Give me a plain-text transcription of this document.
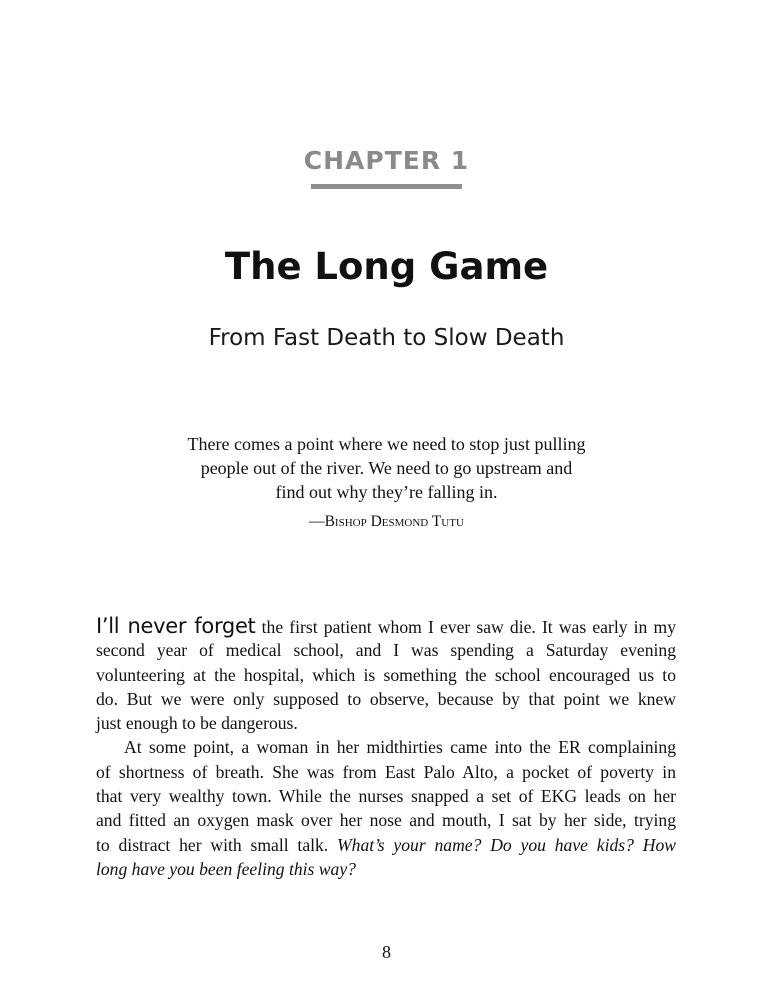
CHAPTER 1
The Long Game
From Fast Death to Slow Death
There comes a point where we need to stop just pulling
people out of the river. We need to go upstream and
find out why they’re falling in.
—Bishop Desmond Tutu
I’ll never forget the first patient whom I ever saw die. It was early in my
second year of medical school, and I was spending a Saturday evening
volunteering at the hospital, which is something the school encouraged us to
do. But we were only supposed to observe, because by that point we knew
just enough to be dangerous.
At some point, a woman in her midthirties came into the ER complaining
of shortness of breath. She was from East Palo Alto, a pocket of poverty in
that very wealthy town. While the nurses snapped a set of EKG leads on her
and fitted an oxygen mask over her nose and mouth, I sat by her side, trying
to distract her with small talk. What’s your name? Do you have kids? How
long have you been feeling this way?
8
